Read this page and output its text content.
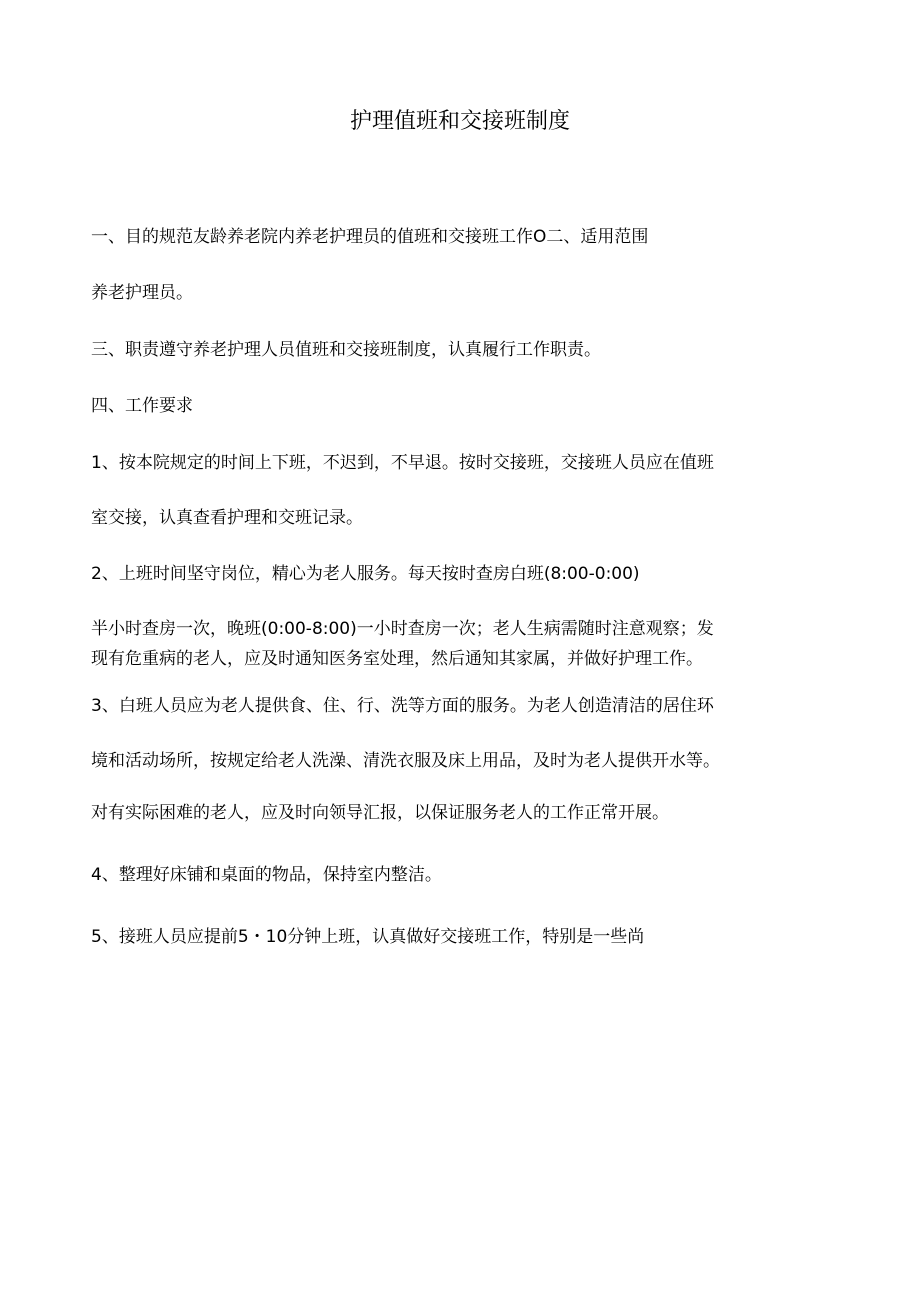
护理值班和交接班制度
一、目的规范友龄养老院内养老护理员的值班和交接班工作O二、适用范围
养老护理员。
三、职责遵守养老护理人员值班和交接班制度，认真履行工作职责。
四、工作要求
1、按本院规定的时间上下班，不迟到，不早退。按时交接班，交接班人员应在值班
室交接，认真查看护理和交班记录。
2、上班时间坚守岗位，精心为老人服务。每天按时查房白班(8:00-0:00)
半小时查房一次，晚班(0:00-8:00)一小时查房一次；老人生病需随时注意观察；发
现有危重病的老人，应及时通知医务室处理，然后通知其家属，并做好护理工作。
3、白班人员应为老人提供食、住、行、洗等方面的服务。为老人创造清洁的居住环
境和活动场所，按规定给老人洗澡、清洗衣服及床上用品，及时为老人提供开水等。
对有实际困难的老人，应及时向领导汇报，以保证服务老人的工作正常开展。
4、整理好床铺和桌面的物品，保持室内整洁。
5、接班人员应提前5・10分钟上班，认真做好交接班工作，特别是一些尚
